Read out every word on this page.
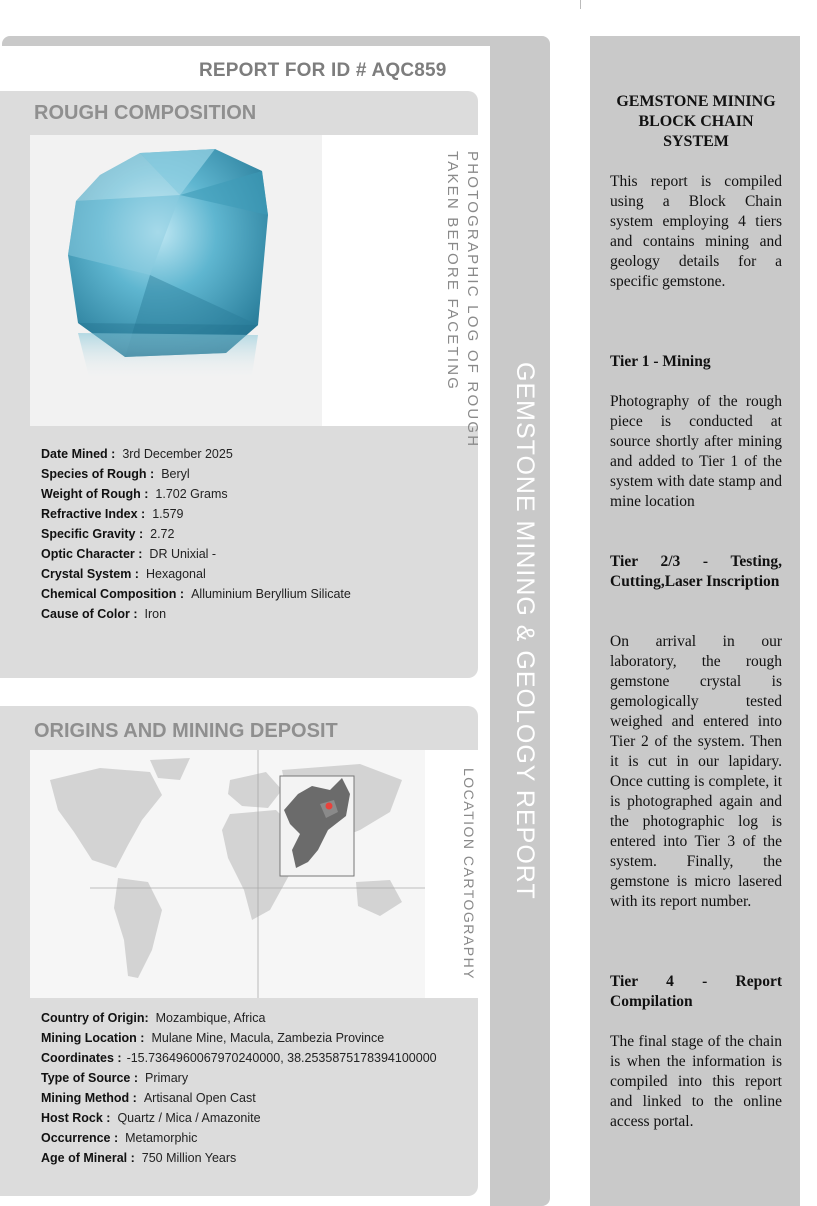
REPORT FOR ID # AQC859
GEMSTONE MINING & GEOLOGY REPORT
ROUGH COMPOSITION
PHOTOGRAPHIC LOG OF ROUGH
TAKEN BEFORE FACETING
Date Mined : 3rd December 2025
Species of Rough : Beryl
Weight of Rough : 1.702 Grams
Refractive Index : 1.579
Specific Gravity : 2.72
Optic Character : DR Unixial -
Crystal System : Hexagonal
Chemical Composition : Alluminium Beryllium Silicate
Cause of Color : Iron
ORIGINS AND MINING DEPOSIT
LOCATION CARTOGRAPHY
Country of Origin: Mozambique, Africa
Mining Location : Mulane Mine, Macula, Zambezia Province
Coordinates : -15.7364960067970240000, 38.2535875178394100000
Type of Source : Primary
Mining Method : Artisanal Open Cast
Host Rock : Quartz / Mica / Amazonite
Occurrence : Metamorphic
Age of Mineral : 750 Million Years
GEMSTONE MINING BLOCK CHAIN SYSTEM
This report is compiled using a Block Chain system employing 4 tiers and contains mining and geology details for a specific gemstone.
Tier 1 - Mining
Photography of the rough piece is conducted at source shortly after mining and added to Tier 1 of the system with date stamp and mine location
Tier 2/3 - Testing, Cutting,Laser Inscription
On arrival in our laboratory, the rough gemstone crystal is gemologically tested weighed and entered into Tier 2 of the system. Then it is cut in our lapidary. Once cutting is complete, it is photographed again and the photographic log is entered into Tier 3 of the system. Finally, the gemstone is micro lasered with its report number.
Tier 4 - Report Compilation
The final stage of the chain is when the information is compiled into this report and linked to the online access portal.
